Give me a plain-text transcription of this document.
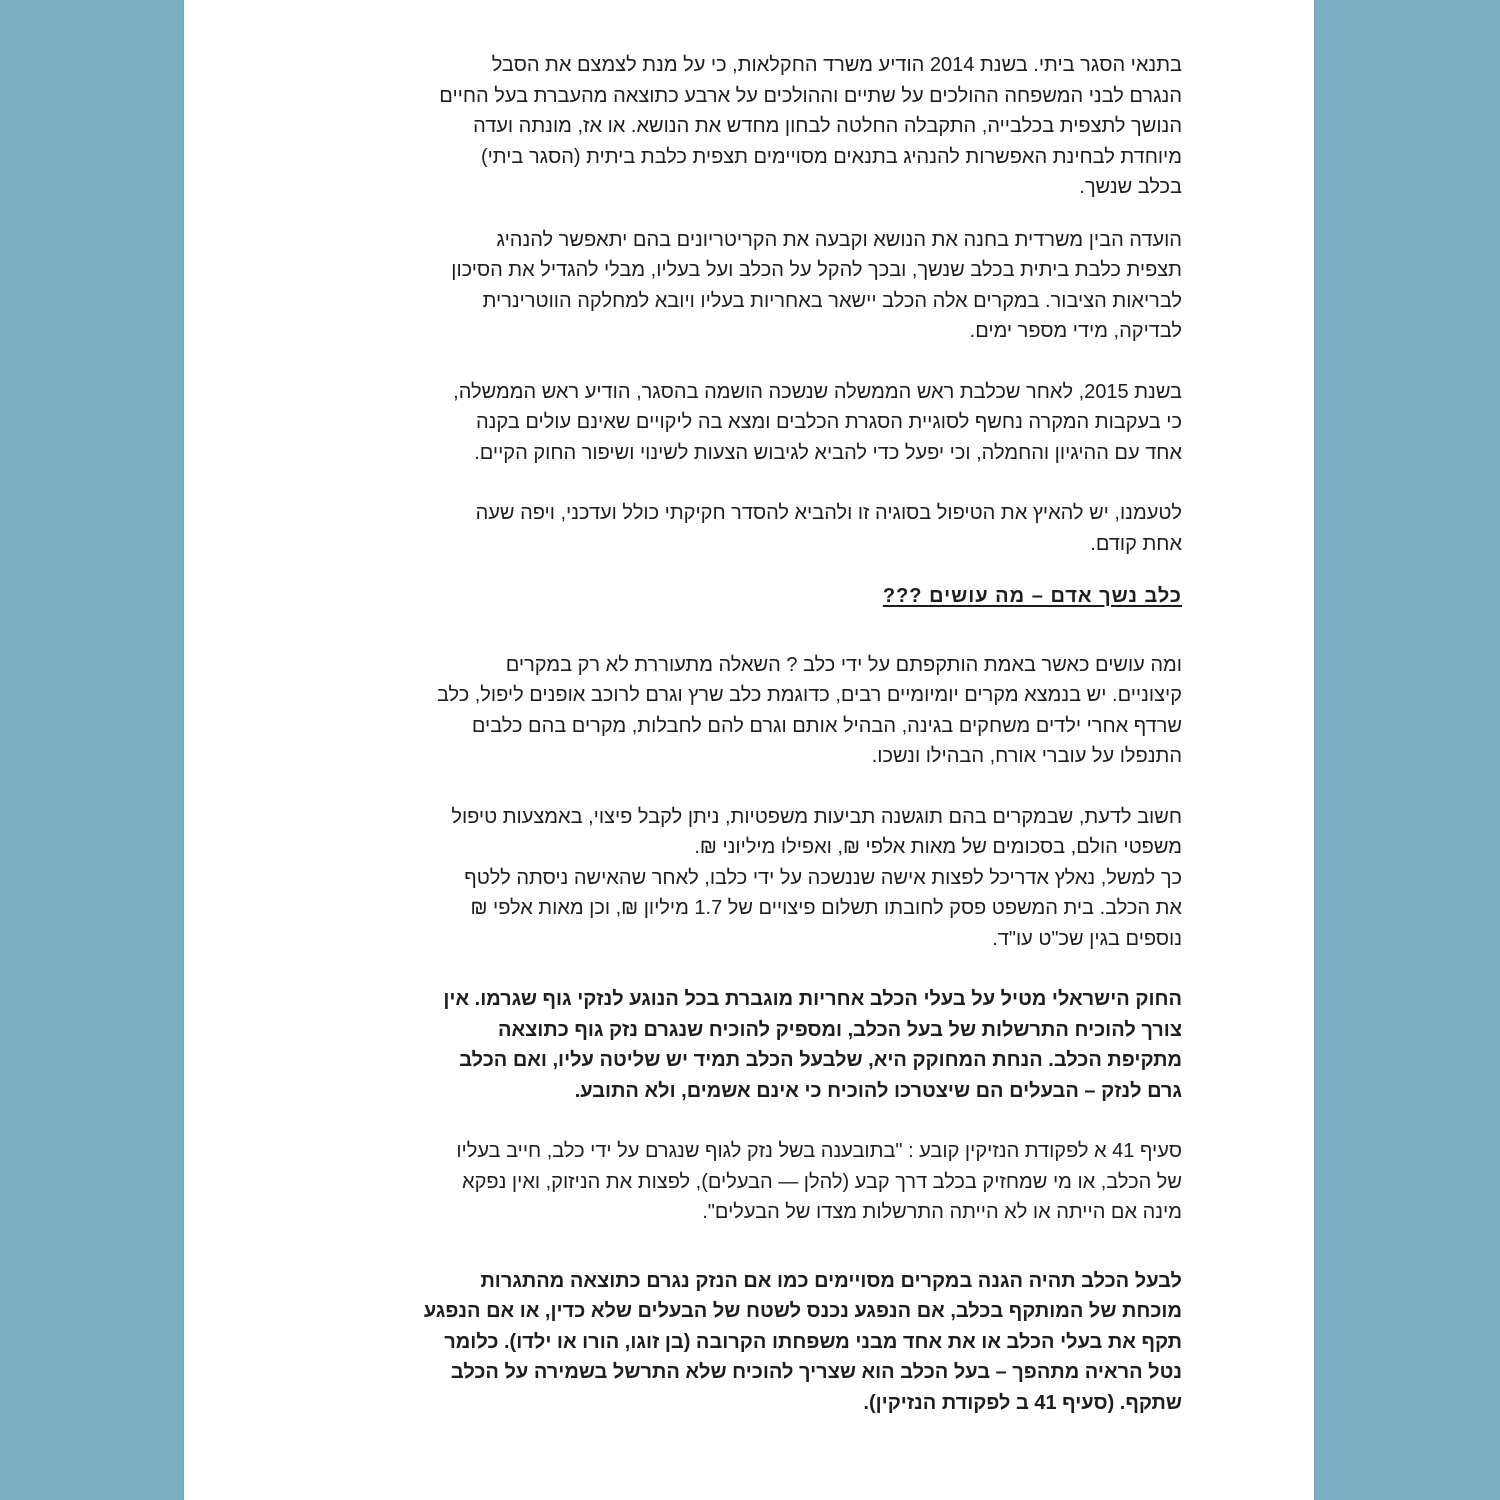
בתנאי הסגר ביתי. בשנת 2014 הודיע משרד החקלאות, כי על מנת לצמצם את הסבל
הנגרם לבני המשפחה ההולכים על שתיים וההולכים על ארבע כתוצאה מהעברת בעל החיים
הנושך לתצפית בכלבייה, התקבלה החלטה לבחון מחדש את הנושא. או אז, מונתה ועדה
מיוחדת לבחינת האפשרות להנהיג בתנאים מסויימים תצפית כלבת ביתית (הסגר ביתי)
בכלב שנשך.

הועדה הבין משרדית בחנה את הנושא וקבעה את הקריטריונים בהם יתאפשר להנהיג
תצפית כלבת ביתית בכלב שנשך, ובכך להקל על הכלב ועל בעליו, מבלי להגדיל את הסיכון
לבריאות הציבור. במקרים אלה הכלב יישאר באחריות בעליו ויובא למחלקה הווטרינרית
לבדיקה, מידי מספר ימים.

בשנת 2015, לאחר שכלבת ראש הממשלה שנשכה הושמה בהסגר, הודיע ראש הממשלה,
כי בעקבות המקרה נחשף לסוגיית הסגרת הכלבים ומצא בה ליקויים שאינם עולים בקנה
אחד עם ההיגיון והחמלה, וכי יפעל כדי להביא לגיבוש הצעות לשינוי ושיפור החוק הקיים.

לטעמנו, יש להאיץ את הטיפול בסוגיה זו ולהביא להסדר חקיקתי כולל ועדכני, ויפה שעה
אחת קודם.

כלב נשך אדם – מה עושים ???

ומה עושים כאשר באמת הותקפתם על ידי כלב ? השאלה מתעוררת לא רק במקרים
קיצוניים. יש בנמצא מקרים יומיומיים רבים, כדוגמת כלב שרץ וגרם לרוכב אופנים ליפול, כלב
שרדף אחרי ילדים משחקים בגינה, הבהיל אותם וגרם להם לחבלות, מקרים בהם כלבים
התנפלו על עוברי אורח, הבהילו ונשכו.

חשוב לדעת, שבמקרים בהם תוגשנה תביעות משפטיות, ניתן לקבל פיצוי, באמצעות טיפול
משפטי הולם, בסכומים של מאות אלפי ₪, ואפילו מיליוני ₪.
כך למשל, נאלץ אדריכל לפצות אישה שננשכה על ידי כלבו, לאחר שהאישה ניסתה ללטף
את הכלב. בית המשפט פסק לחובתו תשלום פיצויים של 1.7 מיליון ₪, וכן מאות אלפי ₪
נוספים בגין שכ"ט עו"ד.

החוק הישראלי מטיל על בעלי הכלב אחריות מוגברת בכל הנוגע לנזקי גוף שגרמו. אין
צורך להוכיח התרשלות של בעל הכלב, ומספיק להוכיח שנגרם נזק גוף כתוצאה
מתקיפת הכלב. הנחת המחוקק היא, שלבעל הכלב תמיד יש שליטה עליו, ואם הכלב
גרם לנזק – הבעלים הם שיצטרכו להוכיח כי אינם אשמים, ולא התובע.

סעיף 41 א לפקודת הנזיקין קובע : "בתובענה בשל נזק לגוף שנגרם על ידי כלב, חייב בעליו
של הכלב, או מי שמחזיק בכלב דרך קבע (להלן — הבעלים), לפצות את הניזוק, ואין נפקא
מינה אם הייתה או לא הייתה התרשלות מצדו של הבעלים".

לבעל הכלב תהיה הגנה במקרים מסויימים כמו אם הנזק נגרם כתוצאה מהתגרות
מוכחת של המותקף בכלב, אם הנפגע נכנס לשטח של הבעלים שלא כדין, או אם הנפגע
תקף את בעלי הכלב או את אחד מבני משפחתו הקרובה (בן זוגו, הורו או ילדו). כלומר
נטל הראיה מתהפך – בעל הכלב הוא שצריך להוכיח שלא התרשל בשמירה על הכלב
שתקף. (סעיף 41 ב לפקודת הנזיקין).
